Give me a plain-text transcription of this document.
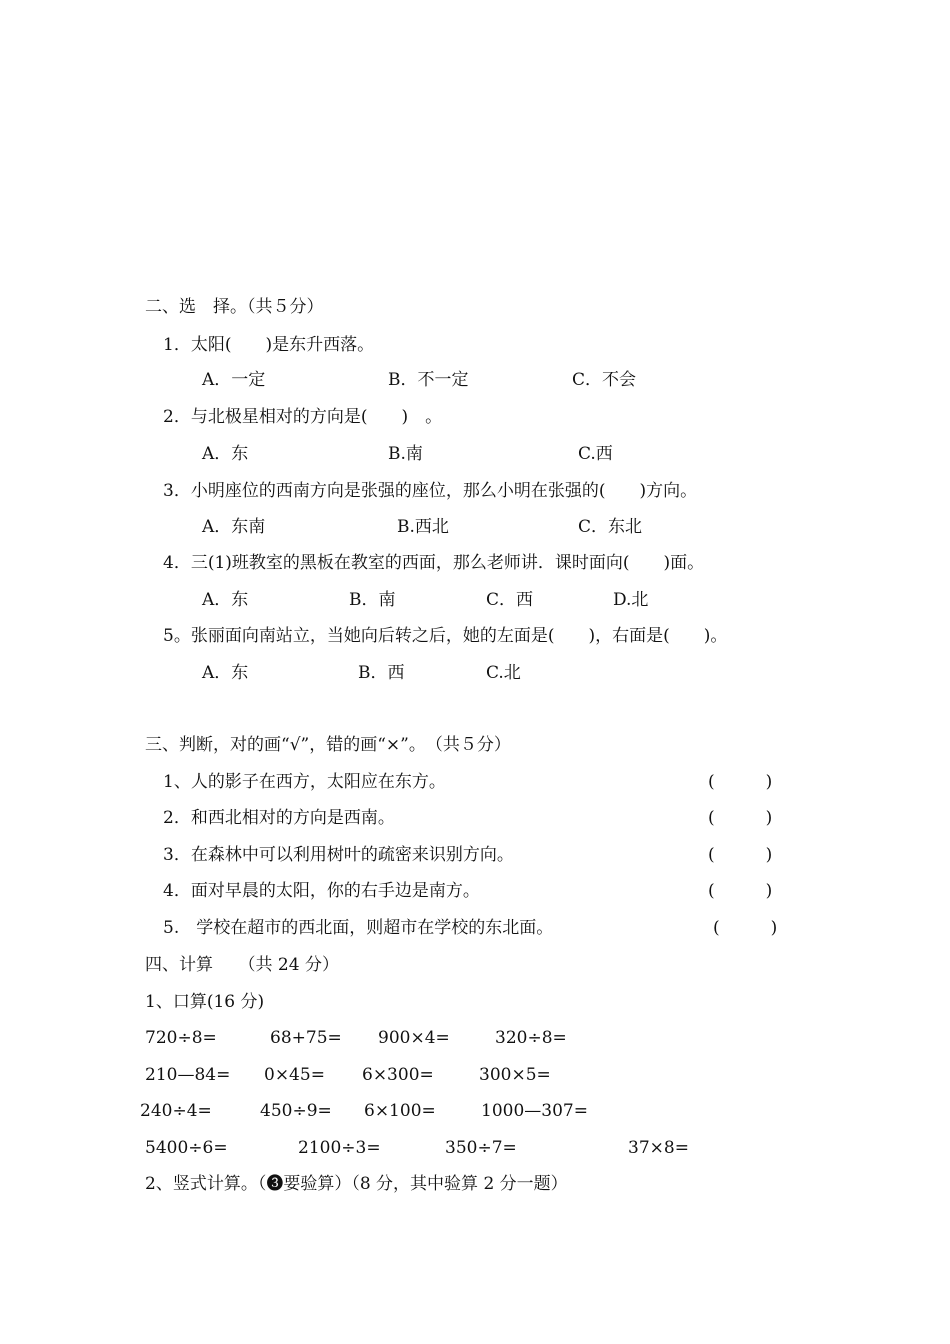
二、选　择。（共５分）
1．太阳(　　)是东升西落。
A．一定	B．不一定	C．不会
2．与北极星相对的方向是(　　)　。
A．东	B.南	C.西
3．小明座位的西南方向是张强的座位，那么小明在张强的(　　)方向。
A．东南	B.西北	C．东北
4．三(1)班教室的黑板在教室的西面，那么老师讲．课时面向(　　)面。
A．东	B．南	C．西	D.北
5。张丽面向南站立，当她向后转之后，她的左面是(　　)，右面是(　　)。
A．东	B．西	C.北
三、判断，对的画“√”，错的画“×”。　（共５分）
1、人的影子在西方，太阳应在东方。	(　　　)
2．和西北相对的方向是西南。	(　　　)
3．在森林中可以利用树叶的疏密来识别方向。	(　　　)
4．面对早晨的太阳，你的右手边是南方。	(　　　)
5.　学校在超市的西北面，则超市在学校的东北面。	(　　　)
四、计算　　（共 24 分）
1、口算(16 分)
720÷8=	68+75= 900×4=	320÷8=
210—84= 0×45= 6×300=	300×5=
240÷4=	450÷9= 6×100=	1000—307=
5400÷6=	2100÷3=	350÷7=	37×8=
2、竖式计算。（❸要验算）（8 分，其中验算 2 分一题）
